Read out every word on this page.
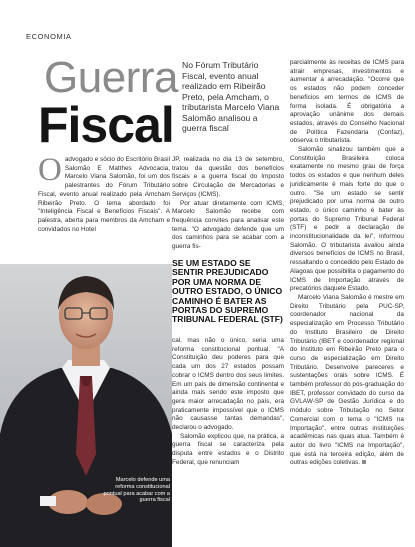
ECONOMIA
Guerra
Fiscal
No Fórum Tributário Fiscal, evento anual realizado em Ribeirão Preto, pela Amcham, o tributarista Marcelo Viana Salomão analisou a guerra fiscal
O advogado e sócio do Escritório Brasil Salomão E Matthes Advocacia, Marcelo Viana Salomão, foi um dos palestrantes do Fórum Tributário Fiscal, evento anual realizado pela Amcham Ribeirão Preto. O tema abordado foi "Inteligência Fiscal e Benefícios Fiscais". A palestra, aberta para membros da Amcham e convidados no Hotel

JP, realizada no dia 13 de setembro, tratou da questão dos benefícios fiscais e a guerra fiscal do Imposto sobre Circulação de Mercadorias e Serviços (ICMS).

Por atuar diretamente com ICMS, Marcelo Salomão recebe com frequência convites para analisar este tema. "O advogado defende que um dos caminhos para se acabar com a guerra fis-

SE UM ESTADO SE SENTIR PREJUDICADO POR UMA NORMA DE OUTRO ESTADO, O ÚNICO CAMINHO É BATER AS PORTAS DO SUPREMO TRIBUNAL FEDERAL (STF)

cal, mas não o único, seria uma reforma constitucional pontual. "A Constituição deu poderes para que cada um dos 27 estados possam cobrar o ICMS dentro dos seus limites. Em um país de dimensão continental e ainda mais sendo este imposto que gera maior arrecadação no país, era praticamente impossível que o ICMS não causasse tantas demandas", declarou o advogado.

Salomão explicou que, na prática, a guerra fiscal se caracteriza pela disputa entre estados e o Distrito Federal, que renunciam

parcialmente às receitas de ICMS para atrair empresas, investimentos e aumentar a arrecadação. "Ocorre que os estados não podem conceder benefícios em termos de ICMS de forma isolada. É obrigatória a aprovação unânime dos demais estados, através do Conselho Nacional de Política Fazendária (Confaz), observa o tributarista.

Salomão sinalizou também que a Constituição Brasileira coloca exatamente no mesmo grau de força todos os estados e que nenhum deles juridicamente é mais forte do que o outro. "Se um estado se sentir prejudicado por uma norma de outro estado, o único caminho é bater às portas do Supremo Tribunal Federal (STF) e pedir a declaração de inconstitucionalidade da lei", informou Salomão. O tributarista avaliou ainda diversos benefícios de ICMS no Brasil, ressaltando o concedido pelo Estado de Alagoas que possibilita o pagamento do ICMS de Importação através de precatórios daquele Estado.

Marcelo Viana Salomão é mestre em Direito Tributário pela PUC-SP, coordenador nacional da especialização em Processo Tributário do Instituto Brasileiro de Direito Tributário (IBET e coordenador regional do Instituto em Ribeirão Preto para o curso de especialização em Direito Tributário. Desenvolve pareceres e sustentações orais sobre ICMS. É também professor do pós-graduação do IBET, professor convidado do curso da GVLAW-SP de Gestão Jurídica e do módulo sobre Tributação no Setor Comercial com o tema o "ICMS na Importação", entre outras instituições acadêmicas nas quais atua. Também é autor do livro "ICMS na Importação", que está na terceira edição, além de outras edições coletivas.

Marcelo defende uma reforma constitucional pontual para acabar com a guerra fiscal
